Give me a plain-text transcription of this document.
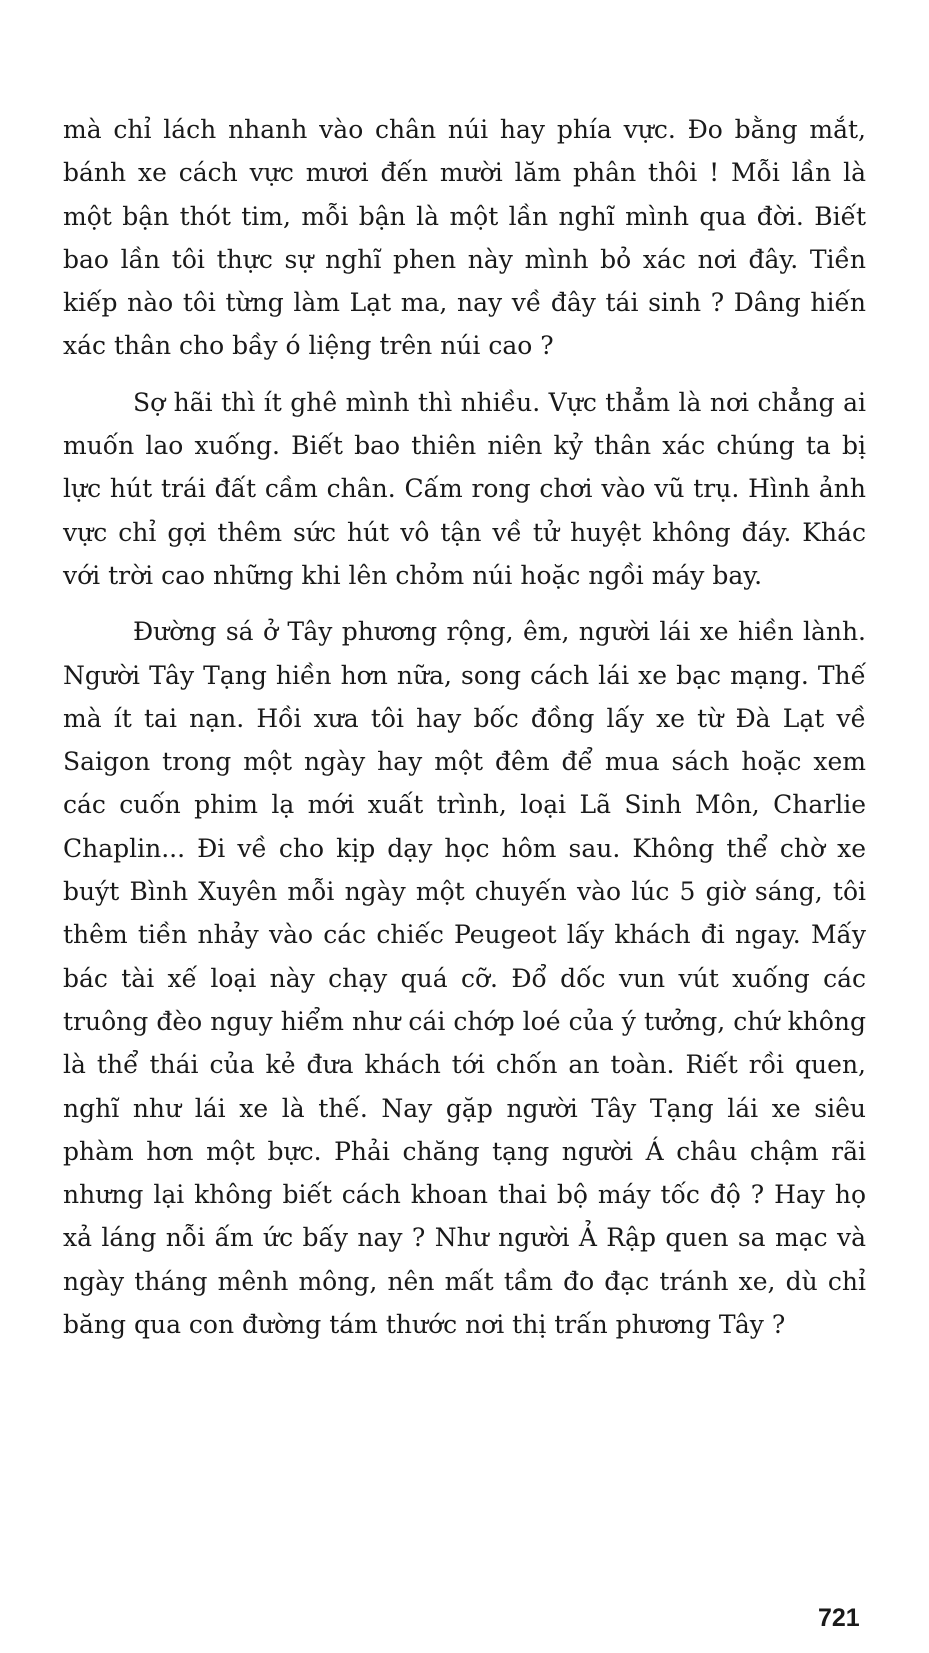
mà chỉ lách nhanh vào chân núi hay phía vực. Đo bằng mắt, bánh xe cách vực mươi đến mười lăm phân thôi ! Mỗi lần là một bận thót tim, mỗi bận là một lần nghĩ mình qua đời. Biết bao lần tôi thực sự nghĩ phen này mình bỏ xác nơi đây. Tiền kiếp nào tôi từng làm Lạt ma, nay về đây tái sinh ? Dâng hiến xác thân cho bầy ó liệng trên núi cao ?

Sợ hãi thì ít ghê mình thì nhiều. Vực thẳm là nơi chẳng ai muốn lao xuống. Biết bao thiên niên kỷ thân xác chúng ta bị lực hút trái đất cầm chân. Cấm rong chơi vào vũ trụ. Hình ảnh vực chỉ gợi thêm sức hút vô tận về tử huyệt không đáy. Khác với trời cao những khi lên chỏm núi hoặc ngồi máy bay.

Đường sá ở Tây phương rộng, êm, người lái xe hiền lành. Người Tây Tạng hiền hơn nữa, song cách lái xe bạc mạng. Thế mà ít tai nạn. Hồi xưa tôi hay bốc đồng lấy xe từ Đà Lạt về Saigon trong một ngày hay một đêm để mua sách hoặc xem các cuốn phim lạ mới xuất trình, loại Lã Sinh Môn, Charlie Chaplin... Đi về cho kịp dạy học hôm sau. Không thể chờ xe buýt Bình Xuyên mỗi ngày một chuyến vào lúc 5 giờ sáng, tôi thêm tiền nhảy vào các chiếc Peugeot lấy khách đi ngay. Mấy bác tài xế loại này chạy quá cỡ. Đổ dốc vun vút xuống các truông đèo nguy hiểm như cái chớp loé của ý tưởng, chứ không là thể thái của kẻ đưa khách tới chốn an toàn. Riết rồi quen, nghĩ như lái xe là thế. Nay gặp người Tây Tạng lái xe siêu phàm hơn một bực. Phải chăng tạng người Á châu chậm rãi nhưng lại không biết cách khoan thai bộ máy tốc độ ? Hay họ xả láng nỗi ấm ức bấy nay ? Như người Ả Rập quen sa mạc và ngày tháng mênh mông, nên mất tầm đo đạc tránh xe, dù chỉ băng qua con đường tám thước nơi thị trấn phương Tây ?

721
